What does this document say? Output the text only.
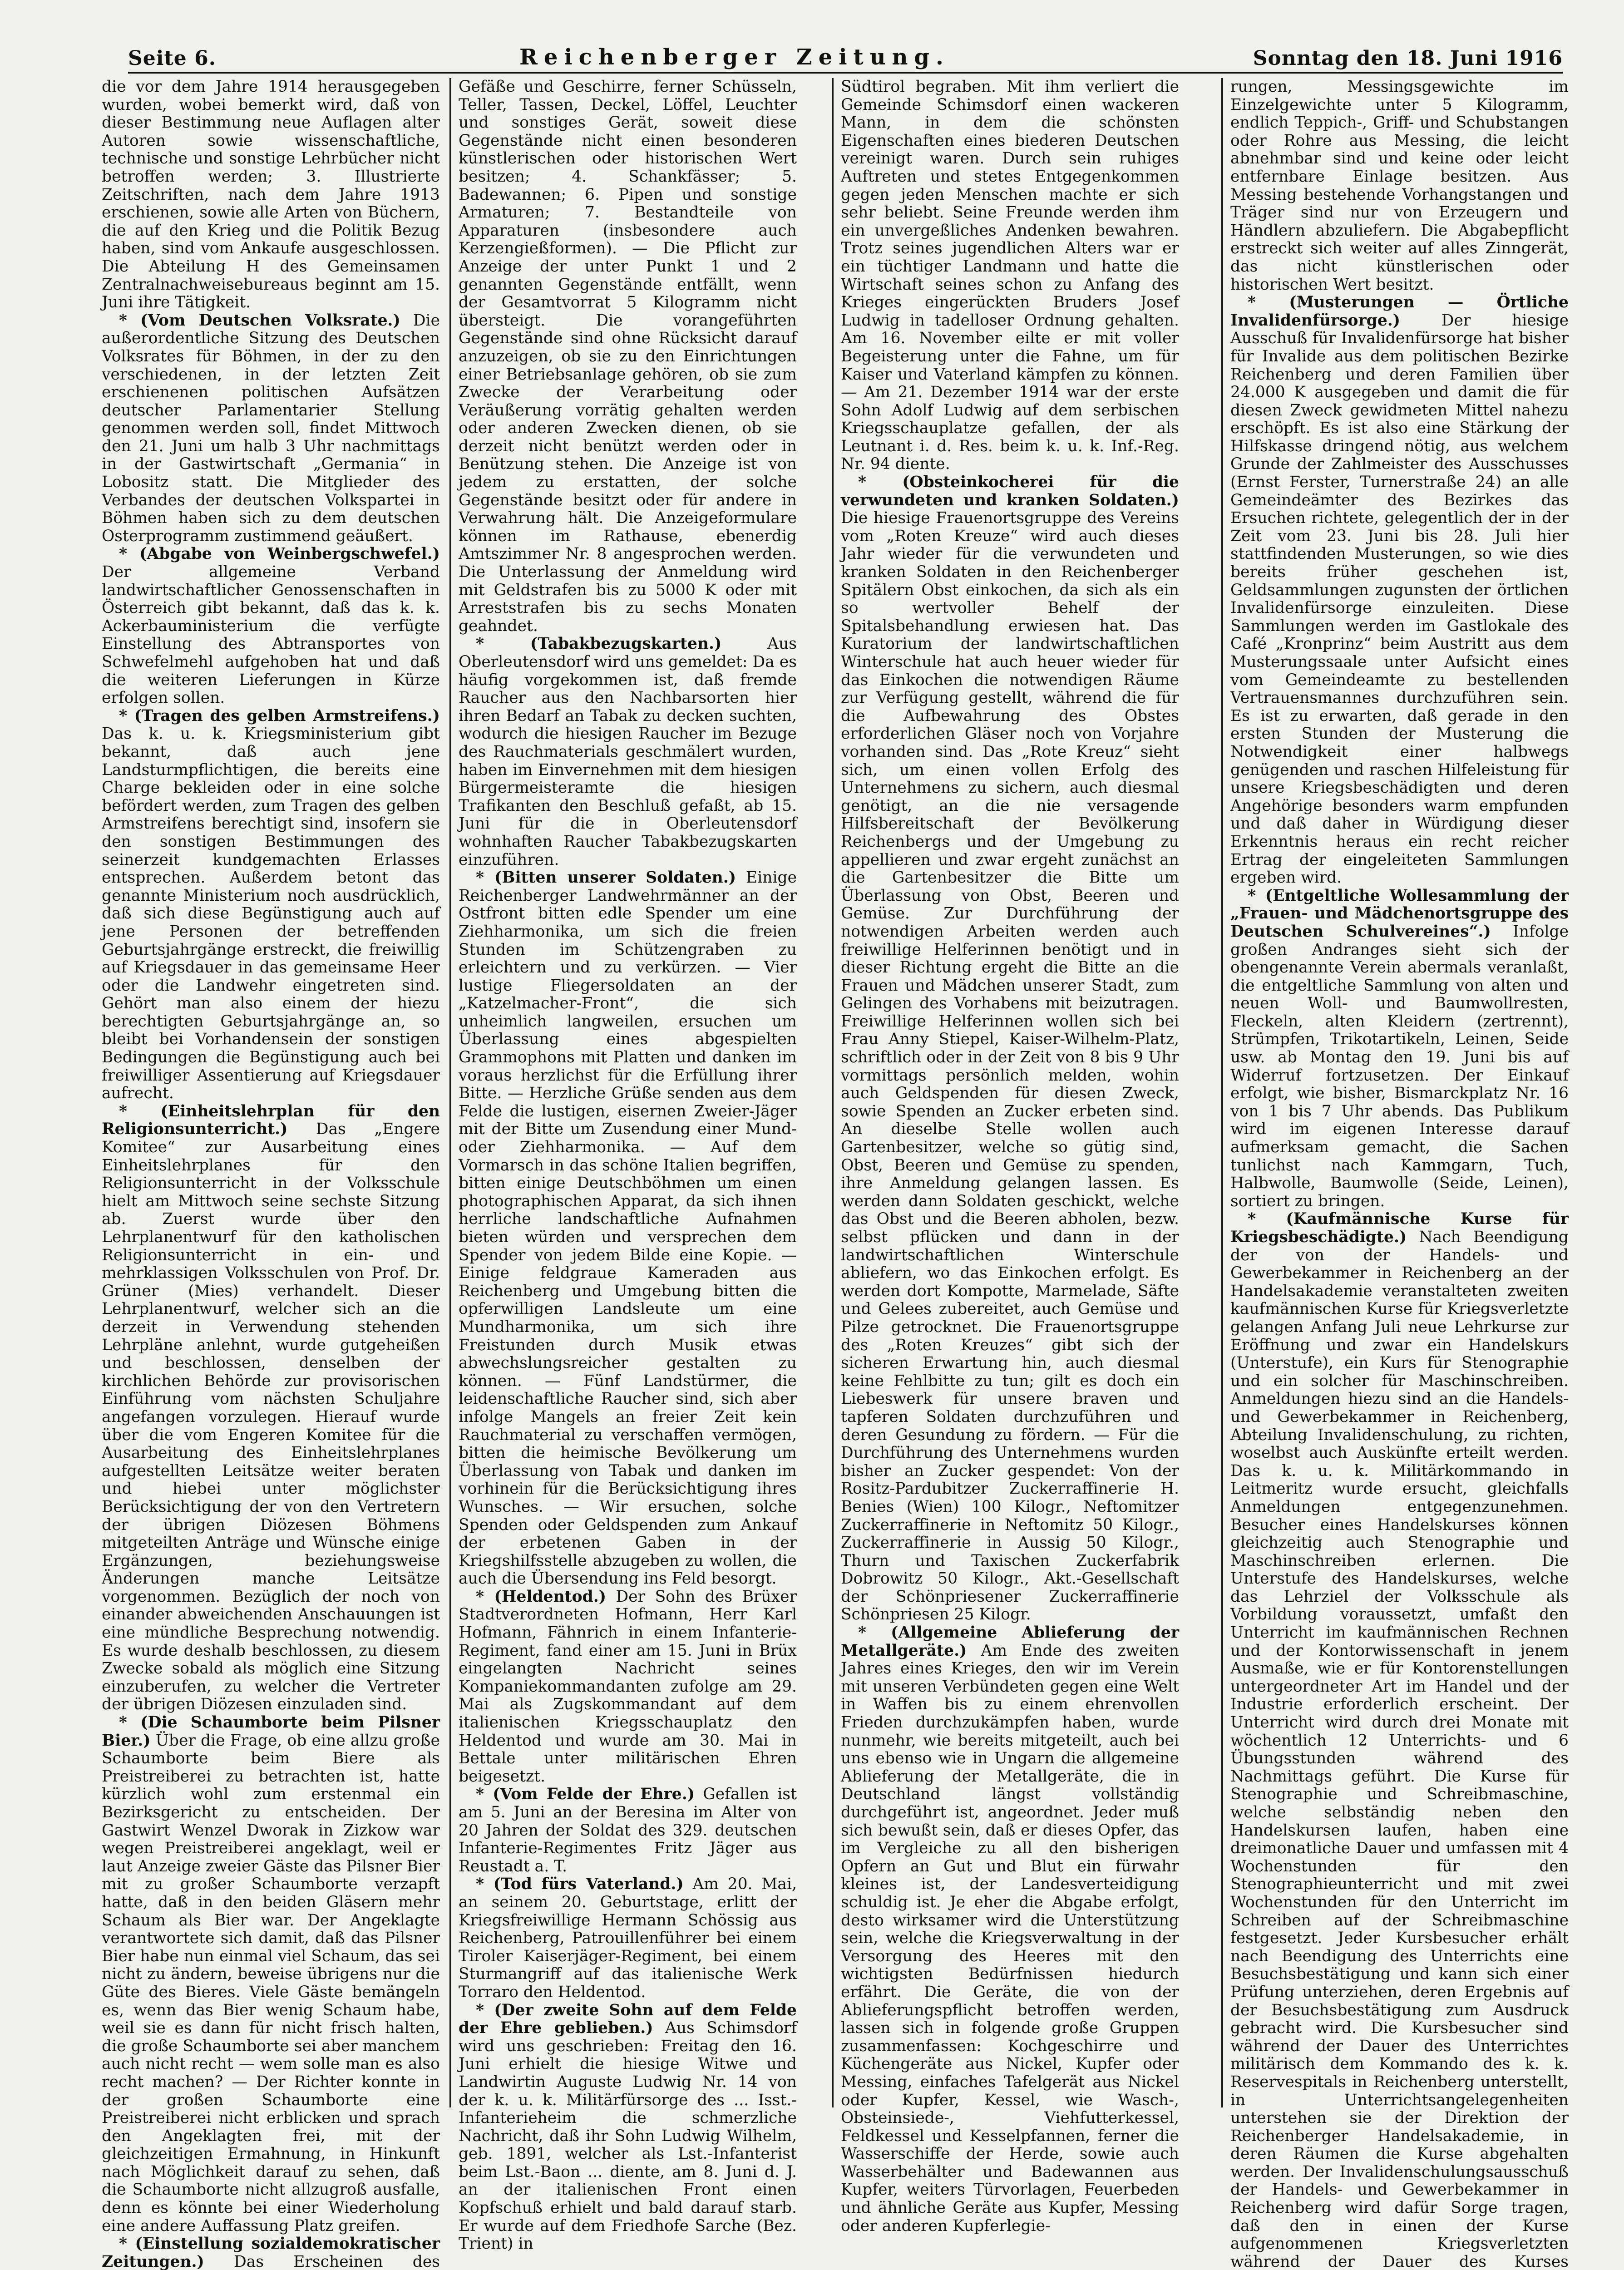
Seite 6.	Reichenberger Zeitung.	Sonntag den 18. Juni 1916

die vor dem Jahre 1914 herausgegeben wurden, wobei bemerkt wird, daß von dieser Bestimmung neue Auflagen alter Autoren sowie wissenschaftliche, technische und sonstige Lehrbücher nicht betroffen werden; 3. Illustrierte Zeitschriften, nach dem Jahre 1913 erschienen, sowie alle Arten von Büchern, die auf den Krieg und die Politik Bezug haben, sind vom Ankaufe ausgeschlossen. Die Abteilung H des Gemeinsamen Zentralnachweisebureaus beginnt am 15. Juni ihre Tätigkeit.

* (Vom Deutschen Volksrate.) Die außerordentliche Sitzung des Deutschen Volksrates für Böhmen, in der zu den verschiedenen, in der letzten Zeit erschienenen politischen Aufsätzen deutscher Parlamentarier Stellung genommen werden soll, findet Mittwoch den 21. Juni um halb 3 Uhr nachmittags in der Gastwirtschaft „Germania“ in Lobositz statt. Die Mitglieder des Verbandes der deutschen Volkspartei in Böhmen haben sich zu dem deutschen Osterprogramm zustimmend geäußert.

* (Abgabe von Weinbergschwefel.) Der allgemeine Verband landwirtschaftlicher Genossenschaften in Österreich gibt bekannt, daß das k. k. Ackerbauministerium die verfügte Einstellung des Abtransportes von Schwefelmehl aufgehoben hat und daß die weiteren Lieferungen in Kürze erfolgen sollen.

* (Tragen des gelben Armstreifens.) Das k. u. k. Kriegsministerium gibt bekannt, daß auch jene Landsturmpflichtigen, die bereits eine Charge bekleiden oder in eine solche befördert werden, zum Tragen des gelben Armstreifens berechtigt sind, insofern sie den sonstigen Bestimmungen des seinerzeit kundgemachten Erlasses entsprechen. Außerdem betont das genannte Ministerium noch ausdrücklich, daß sich diese Begünstigung auch auf jene Personen der betreffenden Geburtsjahrgänge erstreckt, die freiwillig auf Kriegsdauer in das gemeinsame Heer oder die Landwehr eingetreten sind. Gehört man also einem der hiezu berechtigten Geburtsjahrgänge an, so bleibt bei Vorhandensein der sonstigen Bedingungen die Begünstigung auch bei freiwilliger Assentierung auf Kriegsdauer aufrecht.

* (Einheitslehrplan für den Religionsunterricht.) Das „Engere Komitee“ zur Ausarbeitung eines Einheitslehrplanes für den Religionsunterricht in der Volksschule hielt am Mittwoch seine sechste Sitzung ab. Zuerst wurde über den Lehrplanentwurf für den katholischen Religionsunterricht in ein- und mehrklassigen Volksschulen von Prof. Dr. Grüner (Mies) verhandelt. Dieser Lehrplanentwurf, welcher sich an die derzeit in Verwendung stehenden Lehrpläne anlehnt, wurde gutgeheißen und beschlossen, denselben der kirchlichen Behörde zur provisorischen Einführung vom nächsten Schuljahre angefangen vorzulegen. Hierauf wurde über die vom Engeren Komitee für die Ausarbeitung des Einheitslehrplanes aufgestellten Leitsätze weiter beraten und hiebei unter möglichster Berücksichtigung der von den Vertretern der übrigen Diözesen Böhmens mitgeteilten Anträge und Wünsche einige Ergänzungen, beziehungsweise Änderungen manche Leitsätze vorgenommen. Bezüglich der noch von einander abweichenden Anschauungen ist eine mündliche Besprechung notwendig. Es wurde deshalb beschlossen, zu diesem Zwecke sobald als möglich eine Sitzung einzuberufen, zu welcher die Vertreter der übrigen Diözesen einzuladen sind.

* (Die Schaumborte beim Pilsner Bier.) Über die Frage, ob eine allzu große Schaumborte beim Biere als Preistreiberei zu betrachten ist, hatte kürzlich wohl zum erstenmal ein Bezirksgericht zu entscheiden. Der Gastwirt Wenzel Dworak in Zizkow war wegen Preistreiberei angeklagt, weil er laut Anzeige zweier Gäste das Pilsner Bier mit zu großer Schaumborte verzapft hatte, daß in den beiden Gläsern mehr Schaum als Bier war. Der Angeklagte verantwortete sich damit, daß das Pilsner Bier habe nun einmal viel Schaum, das sei nicht zu ändern, beweise übrigens nur die Güte des Bieres. Viele Gäste bemängeln es, wenn das Bier wenig Schaum habe, weil sie es dann für nicht frisch halten, die große Schaumborte sei aber manchem auch nicht recht — wem solle man es also recht machen? — Der Richter konnte in der großen Schaumborte eine Preistreiberei nicht erblicken und sprach den Angeklagten frei, mit der gleichzeitigen Ermahnung, in Hinkunft nach Möglichkeit darauf zu sehen, daß die Schaumborte nicht allzugroß ausfalle, denn es könnte bei einer Wiederholung eine andere Auffassung Platz greifen.

* (Einstellung sozialdemokratischer Zeitungen.) Das Erscheinen des

Gefäße und Geschirre, ferner Schüsseln, Teller, Tassen, Deckel, Löffel, Leuchter und sonstiges Gerät, soweit diese Gegenstände nicht einen besonderen künstlerischen oder historischen Wert besitzen; 4. Schankfässer; 5. Badewannen; 6. Pipen und sonstige Armaturen; 7. Bestandteile von Apparaturen (insbesondere auch Kerzengießformen). — Die Pflicht zur Anzeige der unter Punkt 1 und 2 genannten Gegenstände entfällt, wenn der Gesamtvorrat 5 Kilogramm nicht übersteigt. Die vorangeführten Gegenstände sind ohne Rücksicht darauf anzuzeigen, ob sie zu den Einrichtungen einer Betriebsanlage gehören, ob sie zum Zwecke der Verarbeitung oder Veräußerung vorrätig gehalten werden oder anderen Zwecken dienen, ob sie derzeit nicht benützt werden oder in Benützung stehen. Die Anzeige ist von jedem zu erstatten, der solche Gegenstände besitzt oder für andere in Verwahrung hält. Die Anzeigeformulare können im Rathause, ebenerdig Amtszimmer Nr. 8 angesprochen werden. Die Unterlassung der Anmeldung wird mit Geldstrafen bis zu 5000 K oder mit Arreststrafen bis zu sechs Monaten geahndet.

* (Tabakbezugskarten.) Aus Oberleutensdorf wird uns gemeldet: Da es häufig vorgekommen ist, daß fremde Raucher aus den Nachbarsorten hier ihren Bedarf an Tabak zu decken suchten, wodurch die hiesigen Raucher im Bezuge des Rauchmaterials geschmälert wurden, haben im Einvernehmen mit dem hiesigen Bürgermeisteramte die hiesigen Trafikanten den Beschluß gefaßt, ab 15. Juni für die in Oberleutensdorf wohnhaften Raucher Tabakbezugskarten einzuführen.

* (Bitten unserer Soldaten.) Einige Reichenberger Landwehrmänner an der Ostfront bitten edle Spender um eine Ziehharmonika, um sich die freien Stunden im Schützengraben zu erleichtern und zu verkürzen. — Vier lustige Fliegersoldaten an der „Katzelmacher-Front“, die sich unheimlich langweilen, ersuchen um Überlassung eines abgespielten Grammophons mit Platten und danken im voraus herzlichst für die Erfüllung ihrer Bitte. — Herzliche Grüße senden aus dem Felde die lustigen, eisernen Zweier-Jäger mit der Bitte um Zusendung einer Mund- oder Ziehharmonika. — Auf dem Vormarsch in das schöne Italien begriffen, bitten einige Deutschböhmen um einen photographischen Apparat, da sich ihnen herrliche landschaftliche Aufnahmen bieten würden und versprechen dem Spender von jedem Bilde eine Kopie. — Einige feldgraue Kameraden aus Reichenberg und Umgebung bitten die opferwilligen Landsleute um eine Mundharmonika, um sich ihre Freistunden durch Musik etwas abwechslungsreicher gestalten zu können. — Fünf Landstürmer, die leidenschaftliche Raucher sind, sich aber infolge Mangels an freier Zeit kein Rauchmaterial zu verschaffen vermögen, bitten die heimische Bevölkerung um Überlassung von Tabak und danken im vorhinein für die Berücksichtigung ihres Wunsches. — Wir ersuchen, solche Spenden oder Geldspenden zum Ankauf der erbetenen Gaben in der Kriegshilfsstelle abzugeben zu wollen, die auch die Übersendung ins Feld besorgt.

* (Heldentod.) Der Sohn des Brüxer Stadtverordneten Hofmann, Herr Karl Hofmann, Fähnrich in einem Infanterie-Regiment, fand einer am 15. Juni in Brüx eingelangten Nachricht seines Kompaniekommandanten zufolge am 29. Mai als Zugskommandant auf dem italienischen Kriegsschauplatz den Heldentod und wurde am 30. Mai in Bettale unter militärischen Ehren beigesetzt.

* (Vom Felde der Ehre.) Gefallen ist am 5. Juni an der Beresina im Alter von 20 Jahren der Soldat des 329. deutschen Infanterie-Regimentes Fritz Jäger aus Reustadt a. T.

* (Tod fürs Vaterland.) Am 20. Mai, an seinem 20. Geburtstage, erlitt der Kriegsfreiwillige Hermann Schössig aus Reichenberg, Patrouillenführer bei einem Tiroler Kaiserjäger-Regiment, bei einem Sturmangriff auf das italienische Werk Torraro den Heldentod.

* (Der zweite Sohn auf dem Felde der Ehre geblieben.) Aus Schimsdorf wird uns geschrieben: Freitag den 16. Juni erhielt die hiesige Witwe und Landwirtin Auguste Ludwig Nr. 14 von der k. u. k. Militärfürsorge des ... Isst.-Infanterieheim die schmerzliche Nachricht, daß ihr Sohn Ludwig Wilhelm, geb. 1891, welcher als Lst.-Infanterist beim Lst.-Baon ... diente, am 8. Juni d. J. an der italienischen Front einen Kopfschuß erhielt und bald darauf starb. Er wurde auf dem Friedhofe Sarche (Bez. Trient) in

Südtirol begraben. Mit ihm verliert die Gemeinde Schimsdorf einen wackeren Mann, in dem die schönsten Eigenschaften eines biederen Deutschen vereinigt waren. Durch sein ruhiges Auftreten und stetes Entgegenkommen gegen jeden Menschen machte er sich sehr beliebt. Seine Freunde werden ihm ein unvergeßliches Andenken bewahren. Trotz seines jugendlichen Alters war er ein tüchtiger Landmann und hatte die Wirtschaft seines schon zu Anfang des Krieges eingerückten Bruders Josef Ludwig in tadelloser Ordnung gehalten. Am 16. November eilte er mit voller Begeisterung unter die Fahne, um für Kaiser und Vaterland kämpfen zu können. — Am 21. Dezember 1914 war der erste Sohn Adolf Ludwig auf dem serbischen Kriegsschauplatze gefallen, der als Leutnant i. d. Res. beim k. u. k. Inf.-Reg. Nr. 94 diente.

* (Obsteinkocherei für die verwundeten und kranken Soldaten.) Die hiesige Frauenortsgruppe des Vereins vom „Roten Kreuze“ wird auch dieses Jahr wieder für die verwundeten und kranken Soldaten in den Reichenberger Spitälern Obst einkochen, da sich als ein so wertvoller Behelf der Spitalsbehandlung erwiesen hat. Das Kuratorium der landwirtschaftlichen Winterschule hat auch heuer wieder für das Einkochen die notwendigen Räume zur Verfügung gestellt, während die für die Aufbewahrung des Obstes erforderlichen Gläser noch von Vorjahre vorhanden sind. Das „Rote Kreuz“ sieht sich, um einen vollen Erfolg des Unternehmens zu sichern, auch diesmal genötigt, an die nie versagende Hilfsbereitschaft der Bevölkerung Reichenbergs und der Umgebung zu appellieren und zwar ergeht zunächst an die Gartenbesitzer die Bitte um Überlassung von Obst, Beeren und Gemüse. Zur Durchführung der notwendigen Arbeiten werden auch freiwillige Helferinnen benötigt und in dieser Richtung ergeht die Bitte an die Frauen und Mädchen unserer Stadt, zum Gelingen des Vorhabens mit beizutragen. Freiwillige Helferinnen wollen sich bei Frau Anny Stiepel, Kaiser-Wilhelm-Platz, schriftlich oder in der Zeit von 8 bis 9 Uhr vormittags persönlich melden, wohin auch Geldspenden für diesen Zweck, sowie Spenden an Zucker erbeten sind. An dieselbe Stelle wollen auch Gartenbesitzer, welche so gütig sind, Obst, Beeren und Gemüse zu spenden, ihre Anmeldung gelangen lassen. Es werden dann Soldaten geschickt, welche das Obst und die Beeren abholen, bezw. selbst pflücken und dann in der landwirtschaftlichen Winterschule abliefern, wo das Einkochen erfolgt. Es werden dort Kompotte, Marmelade, Säfte und Gelees zubereitet, auch Gemüse und Pilze getrocknet. Die Frauenortsgruppe des „Roten Kreuzes“ gibt sich der sicheren Erwartung hin, auch diesmal keine Fehlbitte zu tun; gilt es doch ein Liebeswerk für unsere braven und tapferen Soldaten durchzuführen und deren Gesundung zu fördern. — Für die Durchführung des Unternehmens wurden bisher an Zucker gespendet: Von der Rositz-Pardubitzer Zuckerraffinerie H. Benies (Wien) 100 Kilogr., Neftomitzer Zuckerraffinerie in Neftomitz 50 Kilogr., Zuckerraffinerie in Aussig 50 Kilogr., Thurn und Taxischen Zuckerfabrik Dobrowitz 50 Kilogr., Akt.-Gesellschaft der Schönpriesener Zuckerraffinerie Schönpriesen 25 Kilogr.

* (Allgemeine Ablieferung der Metallgeräte.) Am Ende des zweiten Jahres eines Krieges, den wir im Verein mit unseren Verbündeten gegen eine Welt in Waffen bis zu einem ehrenvollen Frieden durchzukämpfen haben, wurde nunmehr, wie bereits mitgeteilt, auch bei uns ebenso wie in Ungarn die allgemeine Ablieferung der Metallgeräte, die in Deutschland längst vollständig durchgeführt ist, angeordnet. Jeder muß sich bewußt sein, daß er dieses Opfer, das im Vergleiche zu all den bisherigen Opfern an Gut und Blut ein fürwahr kleines ist, der Landesverteidigung schuldig ist. Je eher die Abgabe erfolgt, desto wirksamer wird die Unterstützung sein, welche die Kriegsverwaltung in der Versorgung des Heeres mit den wichtigsten Bedürfnissen hiedurch erfährt. Die Geräte, die von der Ablieferungspflicht betroffen werden, lassen sich in folgende große Gruppen zusammenfassen: Kochgeschirre und Küchengeräte aus Nickel, Kupfer oder Messing, einfaches Tafelgerät aus Nickel oder Kupfer, Kessel, wie Wasch-, Obsteinsiede-, Viehfutterkessel, Feldkessel und Kesselpfannen, ferner die Wasserschiffe der Herde, sowie auch Wasserbehälter und Badewannen aus Kupfer, weiters Türvorlagen, Feuerbeden und ähnliche Geräte aus Kupfer, Messing oder anderen Kupferlegie-

rungen, Messingsgewichte im Einzelgewichte unter 5 Kilogramm, endlich Teppich-, Griff- und Schubstangen oder Rohre aus Messing, die leicht abnehmbar sind und keine oder leicht entfernbare Einlage besitzen. Aus Messing bestehende Vorhangstangen und Träger sind nur von Erzeugern und Händlern abzuliefern. Die Abgabepflicht erstreckt sich weiter auf alles Zinngerät, das nicht künstlerischen oder historischen Wert besitzt.

* (Musterungen — Örtliche Invalidenfürsorge.) Der hiesige Ausschuß für Invalidenfürsorge hat bisher für Invalide aus dem politischen Bezirke Reichenberg und deren Familien über 24.000 K ausgegeben und damit die für diesen Zweck gewidmeten Mittel nahezu erschöpft. Es ist also eine Stärkung der Hilfskasse dringend nötig, aus welchem Grunde der Zahlmeister des Ausschusses (Ernst Ferster, Turnerstraße 24) an alle Gemeindeämter des Bezirkes das Ersuchen richtete, gelegentlich der in der Zeit vom 23. Juni bis 28. Juli hier stattfindenden Musterungen, so wie dies bereits früher geschehen ist, Geldsammlungen zugunsten der örtlichen Invalidenfürsorge einzuleiten. Diese Sammlungen werden im Gastlokale des Café „Kronprinz“ beim Austritt aus dem Musterungssaale unter Aufsicht eines vom Gemeindeamte zu bestellenden Vertrauensmannes durchzuführen sein. Es ist zu erwarten, daß gerade in den ersten Stunden der Musterung die Notwendigkeit einer halbwegs genügenden und raschen Hilfeleistung für unsere Kriegsbeschädigten und deren Angehörige besonders warm empfunden und daß daher in Würdigung dieser Erkenntnis heraus ein recht reicher Ertrag der eingeleiteten Sammlungen ergeben wird.

* (Entgeltliche Wollesammlung der „Frauen- und Mädchenortsgruppe des Deutschen Schulvereines“.) Infolge großen Andranges sieht sich der obengenannte Verein abermals veranlaßt, die entgeltliche Sammlung von alten und neuen Woll- und Baumwollresten, Fleckeln, alten Kleidern (zertrennt), Strümpfen, Trikotartikeln, Leinen, Seide usw. ab Montag den 19. Juni bis auf Widerruf fortzusetzen. Der Einkauf erfolgt, wie bisher, Bismarckplatz Nr. 16 von 1 bis 7 Uhr abends. Das Publikum wird im eigenen Interesse darauf aufmerksam gemacht, die Sachen tunlichst nach Kammgarn, Tuch, Halbwolle, Baumwolle (Seide, Leinen), sortiert zu bringen.

* (Kaufmännische Kurse für Kriegsbeschädigte.) Nach Beendigung der von der Handels- und Gewerbekammer in Reichenberg an der Handelsakademie veranstalteten zweiten kaufmännischen Kurse für Kriegsverletzte gelangen Anfang Juli neue Lehrkurse zur Eröffnung und zwar ein Handelskurs (Unterstufe), ein Kurs für Stenographie und ein solcher für Maschinschreiben. Anmeldungen hiezu sind an die Handels- und Gewerbekammer in Reichenberg, Abteilung Invalidenschulung, zu richten, woselbst auch Auskünfte erteilt werden. Das k. u. k. Militärkommando in Leitmeritz wurde ersucht, gleichfalls Anmeldungen entgegenzunehmen. Besucher eines Handelskurses können gleichzeitig auch Stenographie und Maschinschreiben erlernen. Die Unterstufe des Handelskurses, welche das Lehrziel der Volksschule als Vorbildung voraussetzt, umfaßt den Unterricht im kaufmännischen Rechnen und der Kontorwissenschaft in jenem Ausmaße, wie er für Kontorenstellungen untergeordneter Art im Handel und der Industrie erforderlich erscheint. Der Unterricht wird durch drei Monate mit wöchentlich 12 Unterrichts- und 6 Übungsstunden während des Nachmittags geführt. Die Kurse für Stenographie und Schreibmaschine, welche selbständig neben den Handelskursen laufen, haben eine dreimonatliche Dauer und umfassen mit 4 Wochenstunden für den Stenographieunterricht und mit zwei Wochenstunden für den Unterricht im Schreiben auf der Schreibmaschine festgesetzt. Jeder Kursbesucher erhält nach Beendigung des Unterrichts eine Besuchsbestätigung und kann sich einer Prüfung unterziehen, deren Ergebnis auf der Besuchsbestätigung zum Ausdruck gebracht wird. Die Kursbesucher sind während der Dauer des Unterrichtes militärisch dem Kommando des k. k. Reservespitals in Reichenberg unterstellt, in Unterrichtsangelegenheiten unterstehen sie der Direktion der Reichenberger Handelsakademie, in deren Räumen die Kurse abgehalten werden. Der Invalidenschulungsausschuß der Handels- und Gewerbekammer in Reichenberg wird dafür Sorge tragen, daß den in einen der Kurse aufgenommenen Kriegsverletzten während der Dauer des Kurses
